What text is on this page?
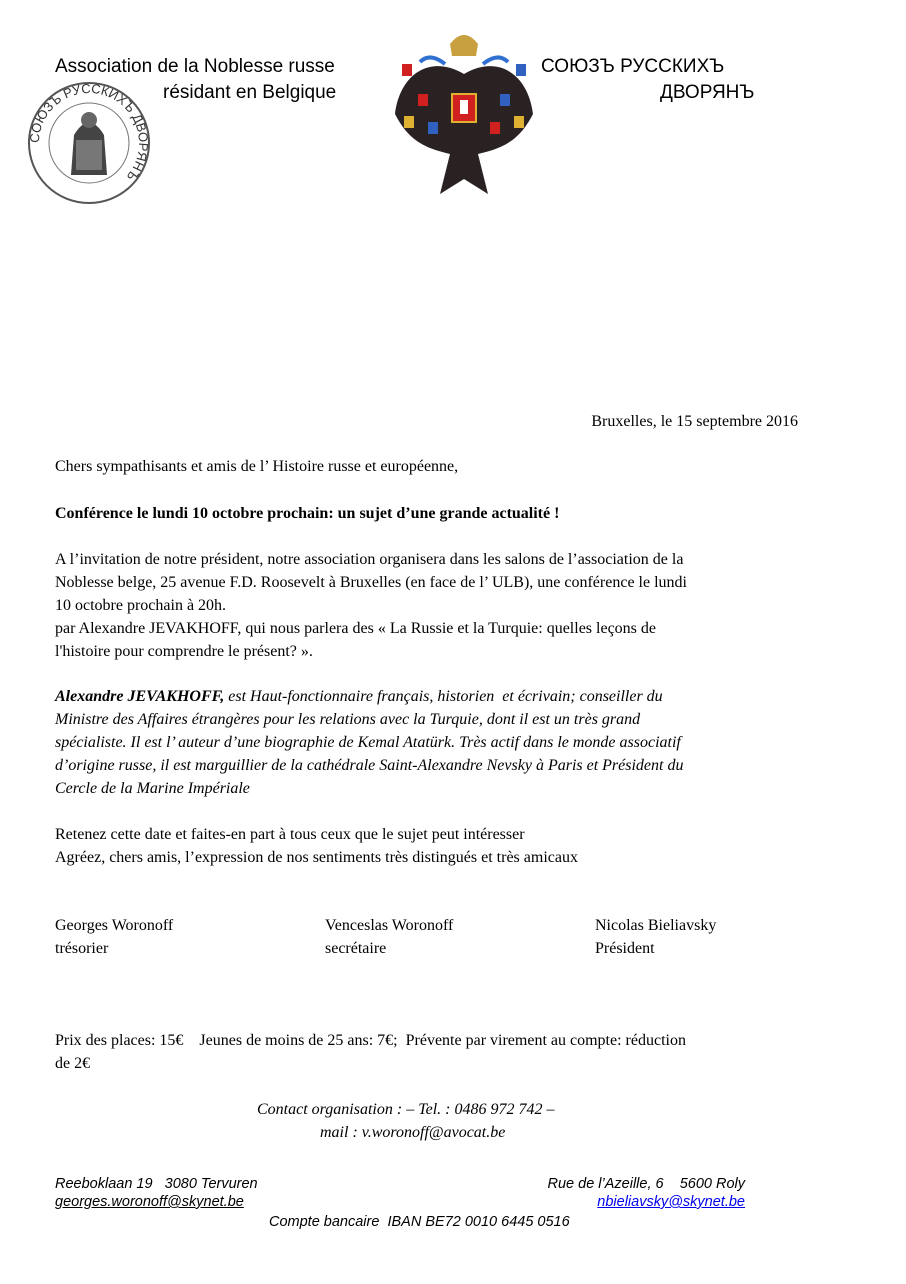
Association de la Noblesse russe
résidant en Belgique
СОЮЗЪ РУССКИХЪ
ДВОРЯНЪ
СОЮЗЪ РУССКИХЪ ДВОРЯНЪ
Bruxelles, le 15 septembre 2016
Chers sympathisants et amis de l’ Histoire russe et européenne,
Conférence le lundi 10 octobre prochain: un sujet d’une grande actualité !
A l’invitation de notre président, notre association organisera dans les salons de l’association de la
Noblesse belge, 25 avenue F.D. Roosevelt à Bruxelles (en face de l’ ULB), une conférence le lundi
10 octobre prochain à 20h.
par Alexandre JEVAKHOFF, qui nous parlera des « La Russie et la Turquie: quelles leçons de
l'histoire pour comprendre le présent? ».
Alexandre JEVAKHOFF, est Haut-fonctionnaire français, historien  et écrivain; conseiller du
Ministre des Affaires étrangères pour les relations avec la Turquie, dont il est un très grand
spécialiste. Il est l’ auteur d’une biographie de Kemal Atatürk. Très actif dans le monde associatif
d’origine russe, il est marguillier de la cathédrale Saint-Alexandre Nevsky à Paris et Président du
Cercle de la Marine Impériale
Retenez cette date et faites-en part à tous ceux que le sujet peut intéresser
Agréez, chers amis, l’expression de nos sentiments très distingués et très amicaux
Georges Woronoff
trésorier
Venceslas Woronoff
secrétaire
Nicolas Bieliavsky
Président
Prix des places: 15€    Jeunes de moins de 25 ans: 7€;  Prévente par virement au compte: réduction
de 2€
Contact organisation : – Tel. : 0486 972 742 –
mail : v.woronoff@avocat.be
Reeboklaan 19   3080 Tervuren
georges.woronoff@skynet.be
Rue de l’Azeille, 6    5600 Roly
nbieliavsky@skynet.be
Compte bancaire  IBAN BE72 0010 6445 0516
